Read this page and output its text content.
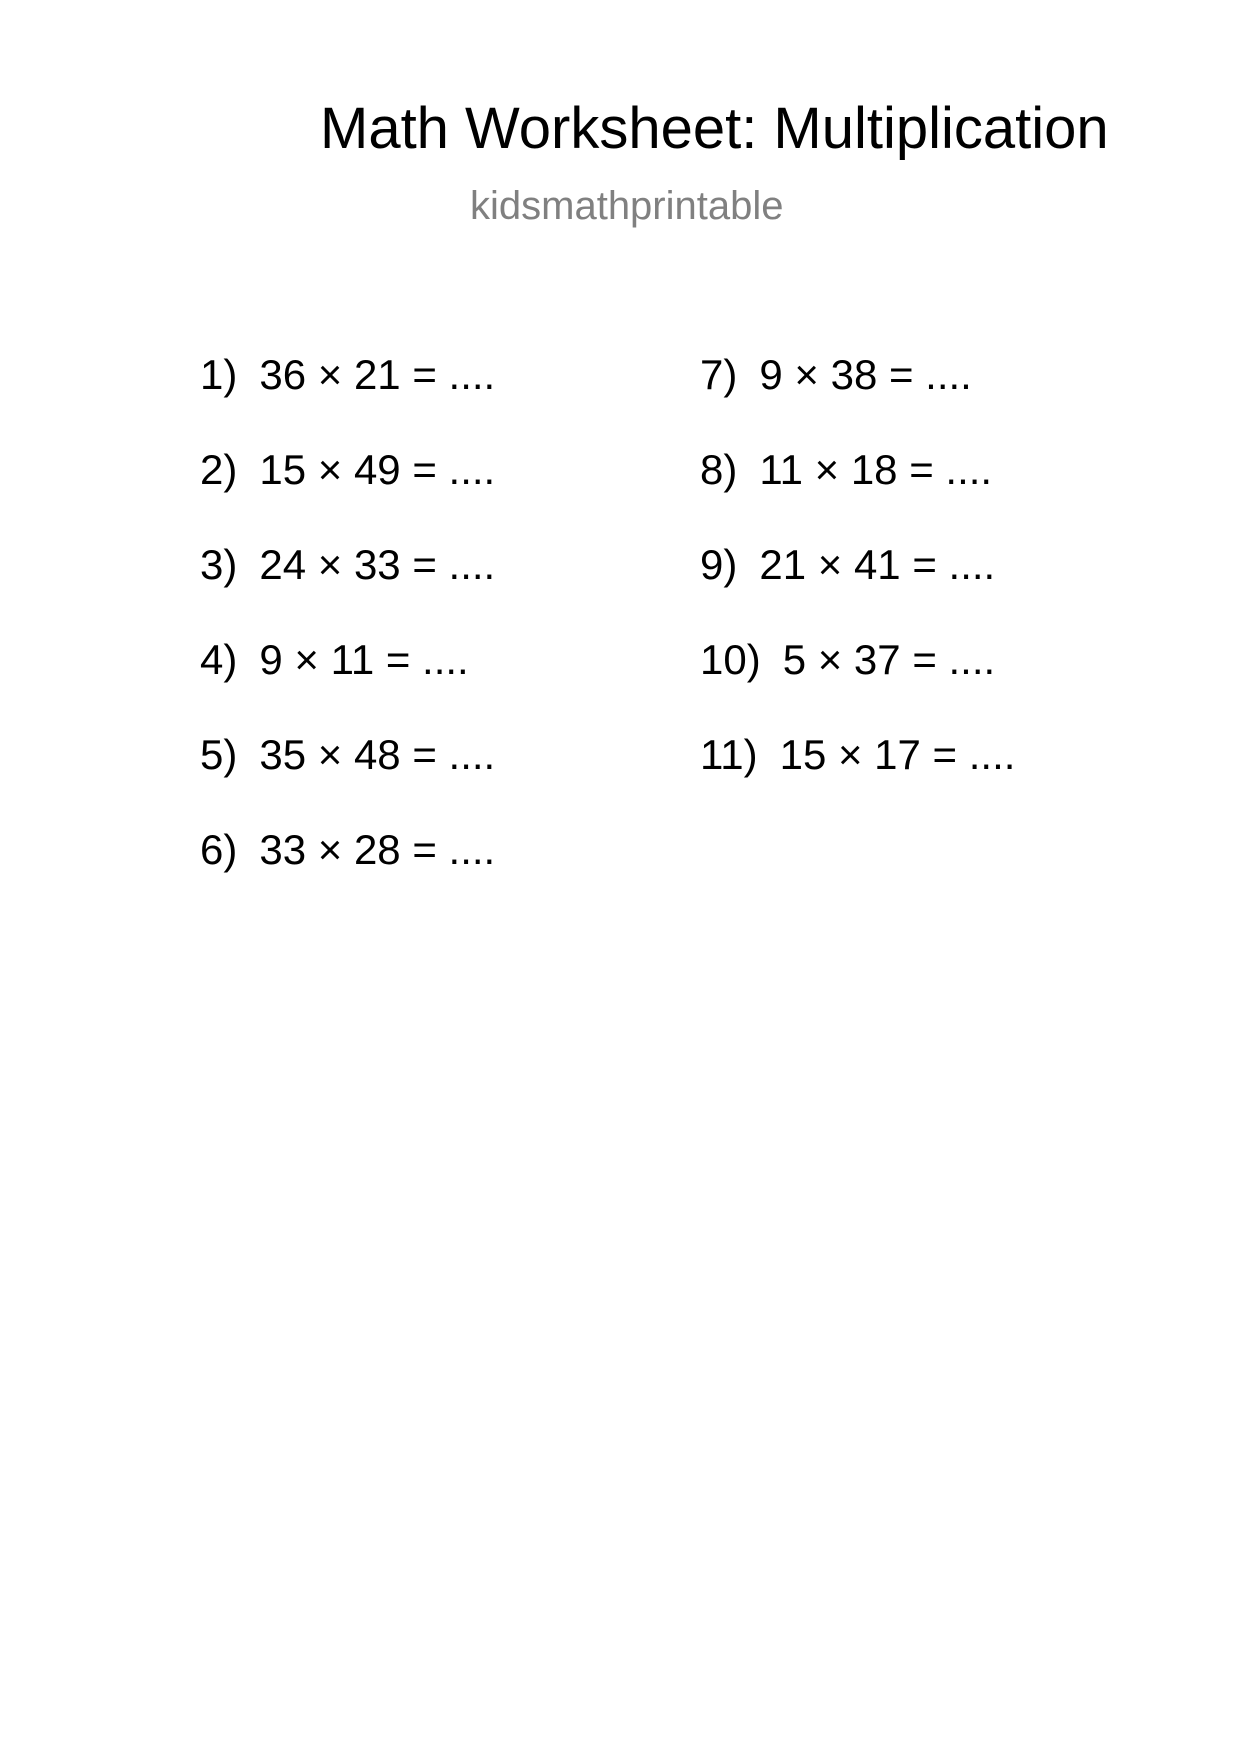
Math Worksheet: Multiplication
kidsmathprintable
1) 36 × 21 = ....
2) 15 × 49 = ....
3) 24 × 33 = ....
4) 9 × 11 = ....
5) 35 × 48 = ....
6) 33 × 28 = ....
7) 9 × 38 = ....
8) 11 × 18 = ....
9) 21 × 41 = ....
10) 5 × 37 = ....
11) 15 × 17 = ....
